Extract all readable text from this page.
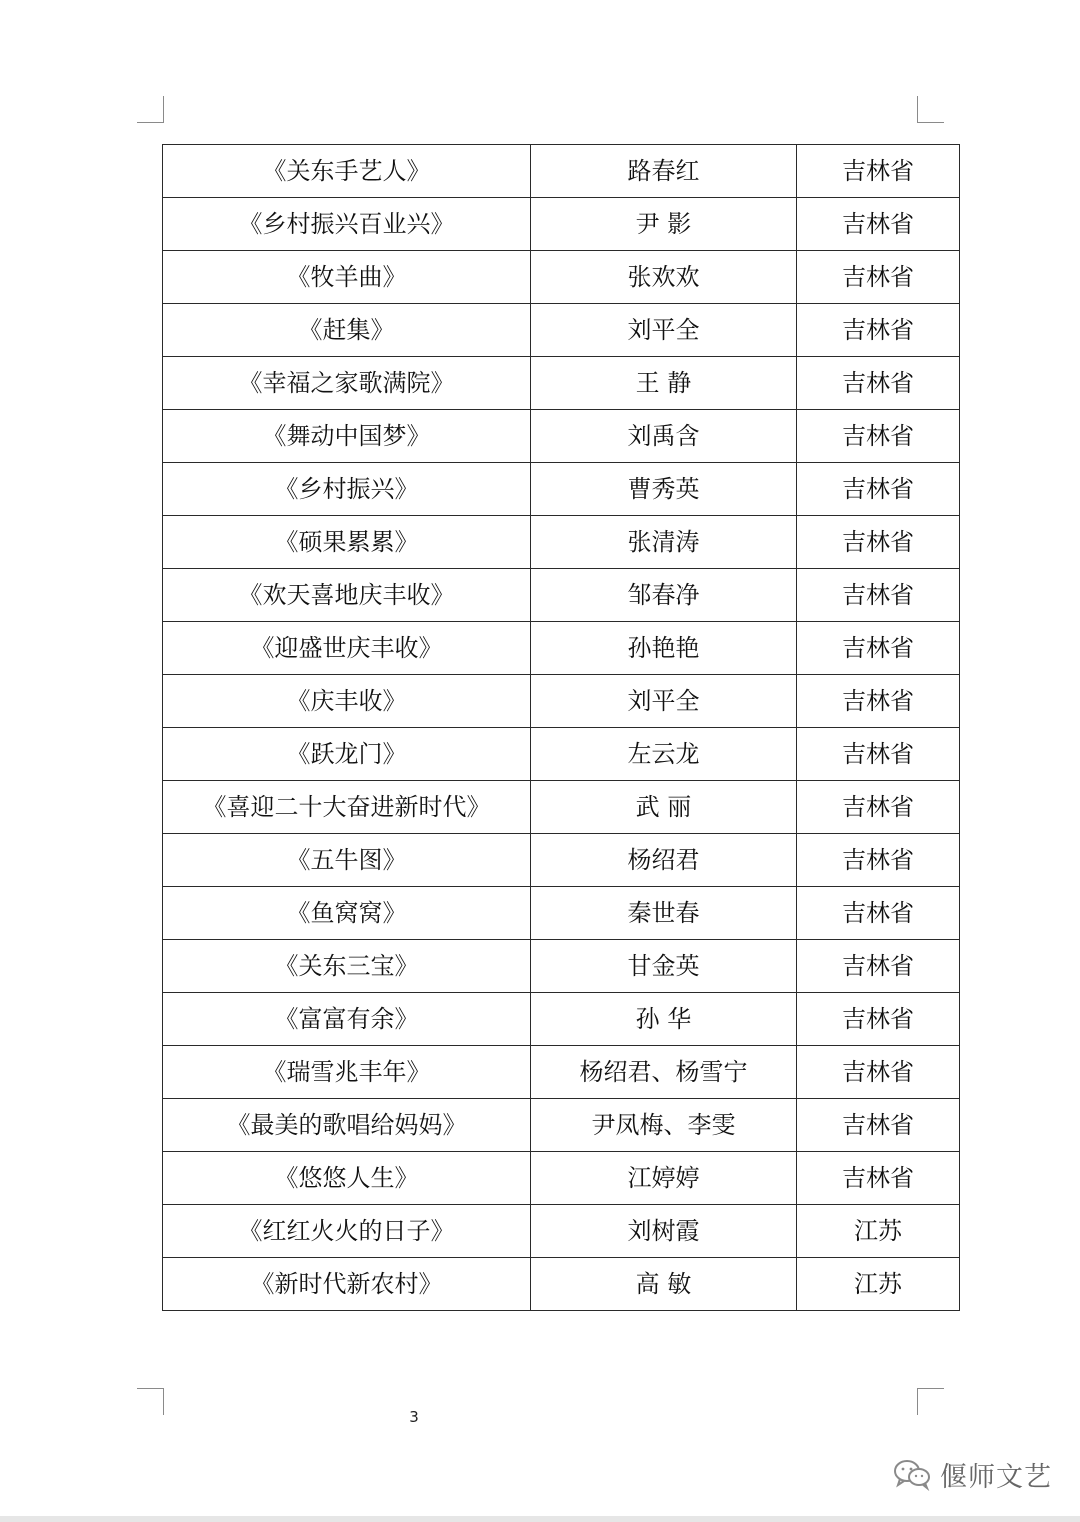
《关东手艺人》	路春红	吉林省
《乡村振兴百业兴》	尹 影	吉林省
《牧羊曲》	张欢欢	吉林省
《赶集》	刘平全	吉林省
《幸福之家歌满院》	王 静	吉林省
《舞动中国梦》	刘禹含	吉林省
《乡村振兴》	曹秀英	吉林省
《硕果累累》	张清涛	吉林省
《欢天喜地庆丰收》	邹春净	吉林省
《迎盛世庆丰收》	孙艳艳	吉林省
《庆丰收》	刘平全	吉林省
《跃龙门》	左云龙	吉林省
《喜迎二十大奋进新时代》	武 丽	吉林省
《五牛图》	杨绍君	吉林省
《鱼窝窝》	秦世春	吉林省
《关东三宝》	甘金英	吉林省
《富富有余》	孙 华	吉林省
《瑞雪兆丰年》	杨绍君、杨雪宁	吉林省
《最美的歌唱给妈妈》	尹凤梅、李雯	吉林省
《悠悠人生》	江婷婷	吉林省
《红红火火的日子》	刘树霞	江苏
《新时代新农村》	高 敏	江苏
3
偃师文艺
